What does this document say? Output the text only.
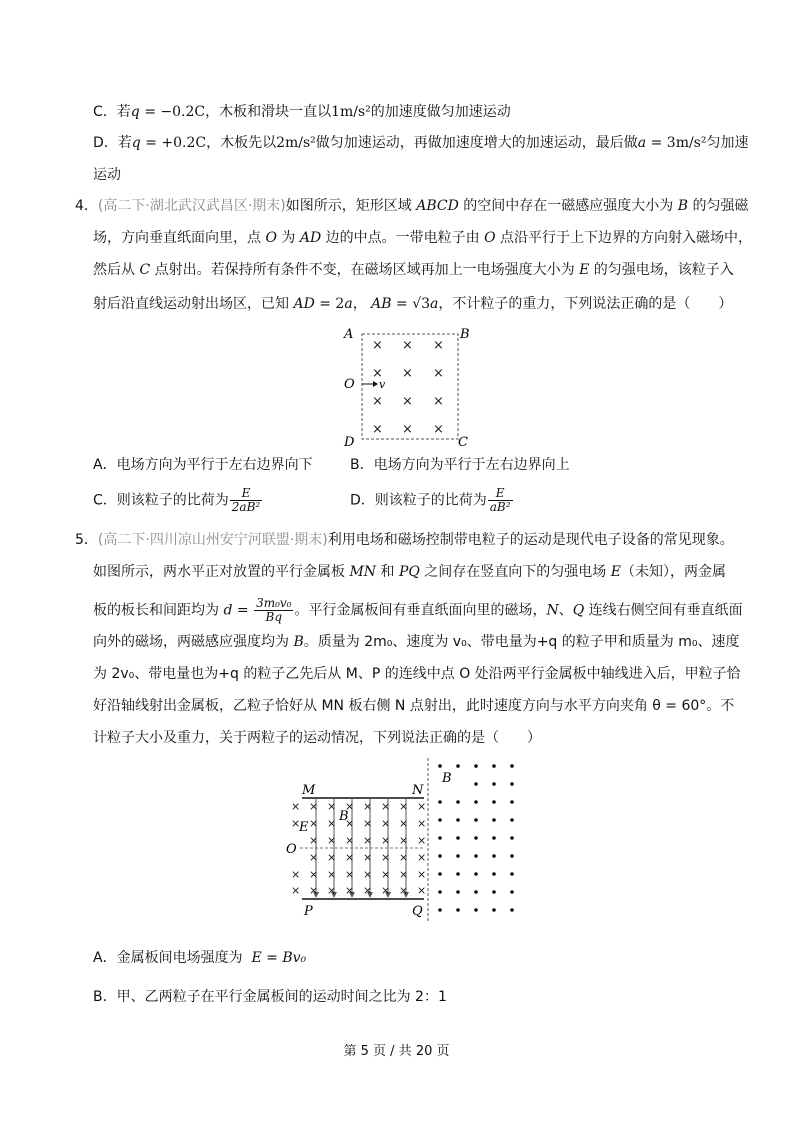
C．若q = −0.2C，木板和滑块一直以1m/s²的加速度做匀加速运动
D．若q = +0.2C，木板先以2m/s²做匀加速运动，再做加速度增大的加速运动，最后做a = 3m/s²匀加速
运动
4．(高二下·湖北武汉武昌区·期末)如图所示，矩形区域 ABCD 的空间中存在一磁感应强度大小为 B 的匀强磁
场，方向垂直纸面向里，点 O 为 AD 边的中点。一带电粒子由 O 点沿平行于上下边界的方向射入磁场中，
然后从 C 点射出。若保持所有条件不变，在磁场区域再加上一电场强度大小为 E 的匀强电场，该粒子入
射后沿直线运动射出场区，已知 AD = 2a， AB = √3a，不计粒子的重力，下列说法正确的是（　　）
A	B
O
D	C
× × ×
× × ×
× × ×
× × ×
v
A．电场方向为平行于左右边界向下	B．电场方向为平行于左右边界向上
C．则该粒子的比荷为 $\frac{E}{\text{2aB²}}$	D．则该粒子的比荷为 $\frac{E}{\text{aB²}}$
5．(高二下·四川凉山州安宁河联盟·期末)利用电场和磁场控制带电粒子的运动是现代电子设备的常见现象。
如图所示，两水平正对放置的平行金属板 MN 和 PQ 之间存在竖直向下的匀强电场 E（未知），两金属
板的板长和间距均为 $d = \frac{\text{3m₀v₀}}{Bq}$ 。平行金属板间有垂直纸面向里的磁场，N、Q 连线右侧空间有垂直纸面
向外的磁场，两磁感应强度均为 B。质量为 2m₀、速度为 v₀、带电量为+q 的粒子甲和质量为 m₀、速度
为 2v₀、带电量也为+q 的粒子乙先后从 M、P 的连线中点 O 处沿两平行金属板中轴线进入后，甲粒子恰
好沿轴线射出金属板，乙粒子恰好从 MN 板右侧 N 点射出，此时速度方向与水平方向夹角 θ = 60°。不
计粒子大小及重力，关于两粒子的运动情况，下列说法正确的是（　　）
× × × × × × × ×
× × × × × × × ×
× × × × × × ×
× × × × × × ×
× × × × × × × ×
× × × × × × × ×
M	N
P	Q
O
E
B
B
A．金属板间电场强度为 E = Bv₀
B．甲、乙两粒子在平行金属板间的运动时间之比为 2：1
第 5 页 / 共 20 页
